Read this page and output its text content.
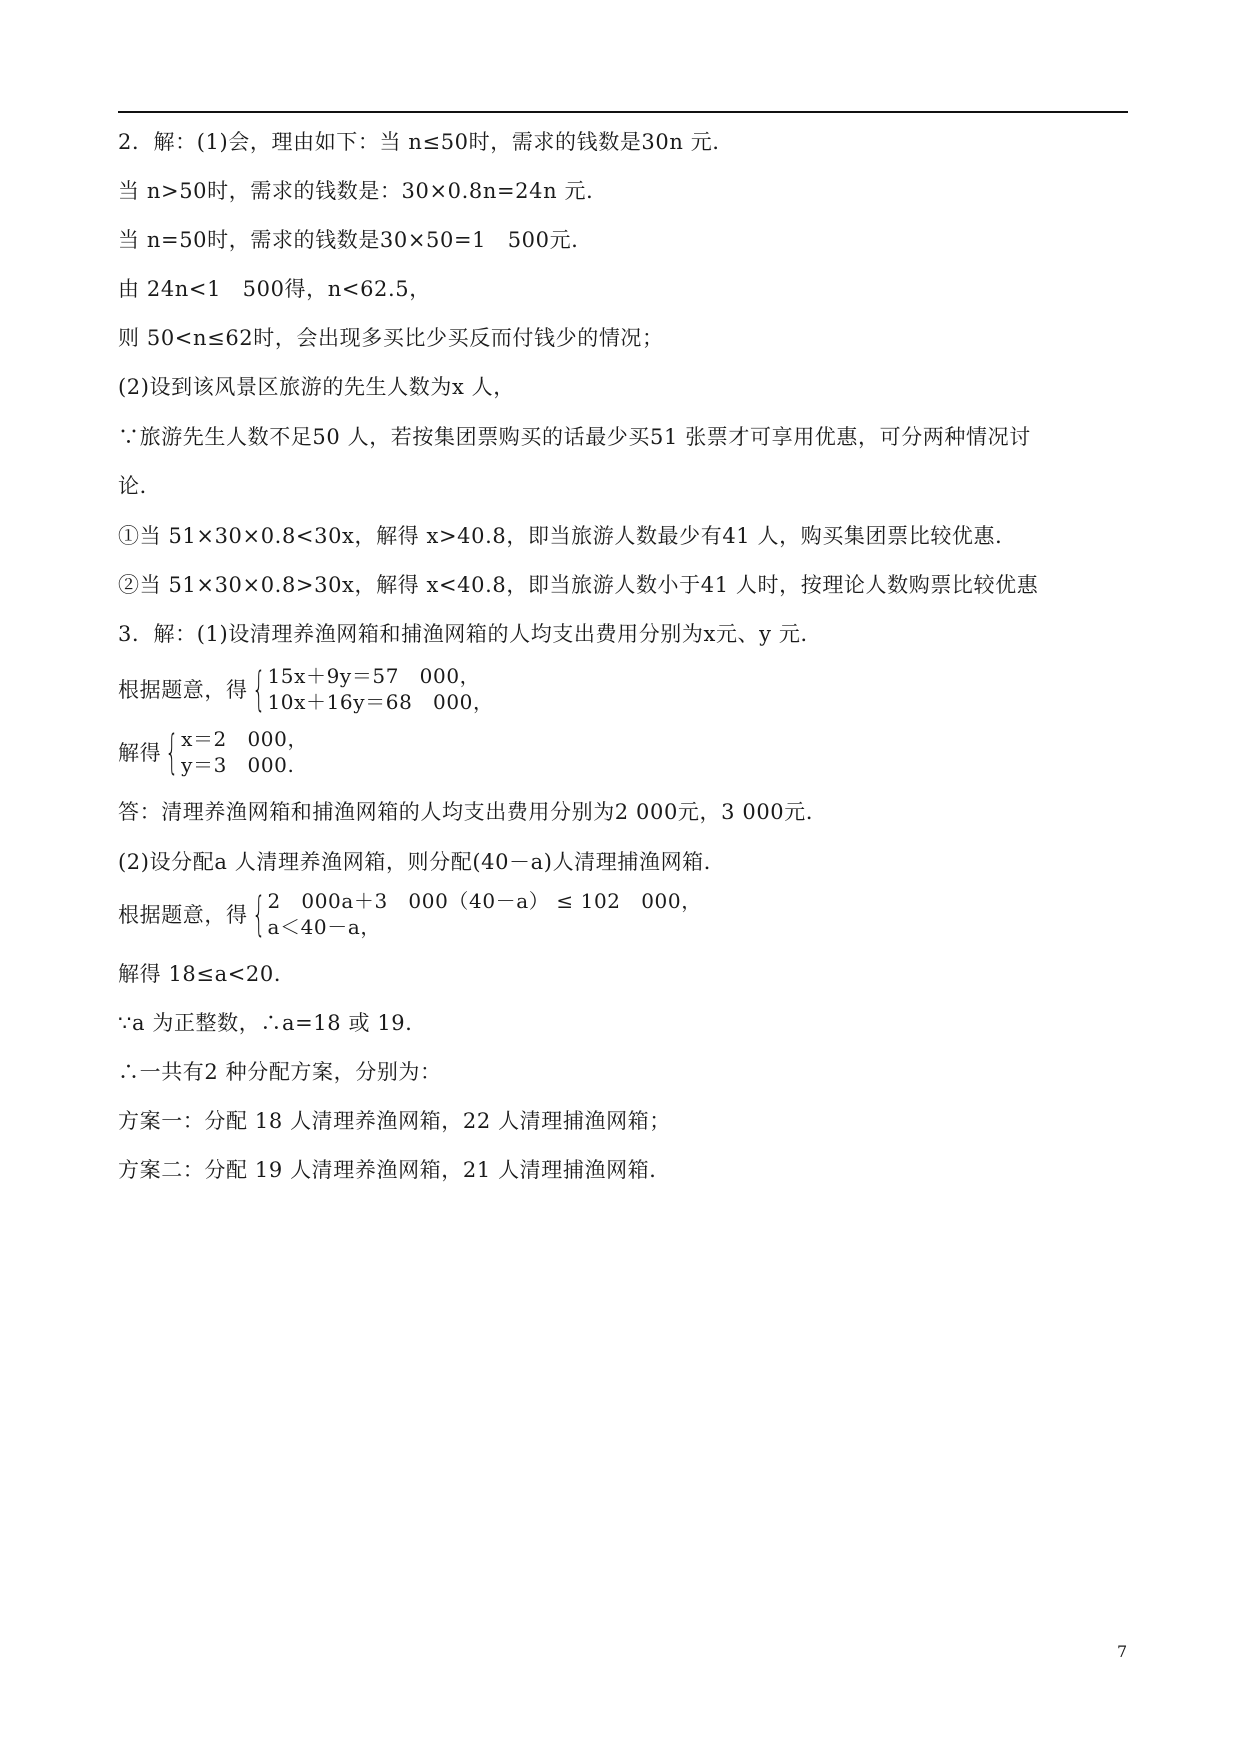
2．解：(1)会，理由如下：当 n≤50时，需求的钱数是30n 元．
当 n>50时，需求的钱数是：30×0.8n=24n 元．
当 n=50时，需求的钱数是30×50=1　500元．
由 24n<1　500得，n<62.5，
则 50<n≤62时，会出现多买比少买反而付钱少的情况；
(2)设到该风景区旅游的先生人数为x 人，
∵旅游先生人数不足50 人，若按集团票购买的话最少买51 张票才可享用优惠，可分两种情况讨
论．
①当 51×30×0.8<30x，解得 x>40.8，即当旅游人数最少有41 人，购买集团票比较优惠．
②当 51×30×0.8>30x，解得 x<40.8，即当旅游人数小于41 人时，按理论人数购票比较优惠
3．解：(1)设清理养渔网箱和捕渔网箱的人均支出费用分别为x元、y 元．
根据题意，得 { 15x＋9y＝57　000，
10x＋16y＝68　000，
解得 { x＝2　000，
y＝3　000.
答：清理养渔网箱和捕渔网箱的人均支出费用分别为2 000元，3 000元．
(2)设分配a 人清理养渔网箱，则分配(40－a)人清理捕渔网箱．
根据题意，得 { 2　000a＋3　000（40－a） ≤ 102　000，
a＜40－a，
解得 18≤a<20．
∵a 为正整数，∴a=18 或 19．
∴一共有2 种分配方案，分别为：
方案一：分配 18 人清理养渔网箱，22 人清理捕渔网箱；
方案二：分配 19 人清理养渔网箱，21 人清理捕渔网箱．
7
